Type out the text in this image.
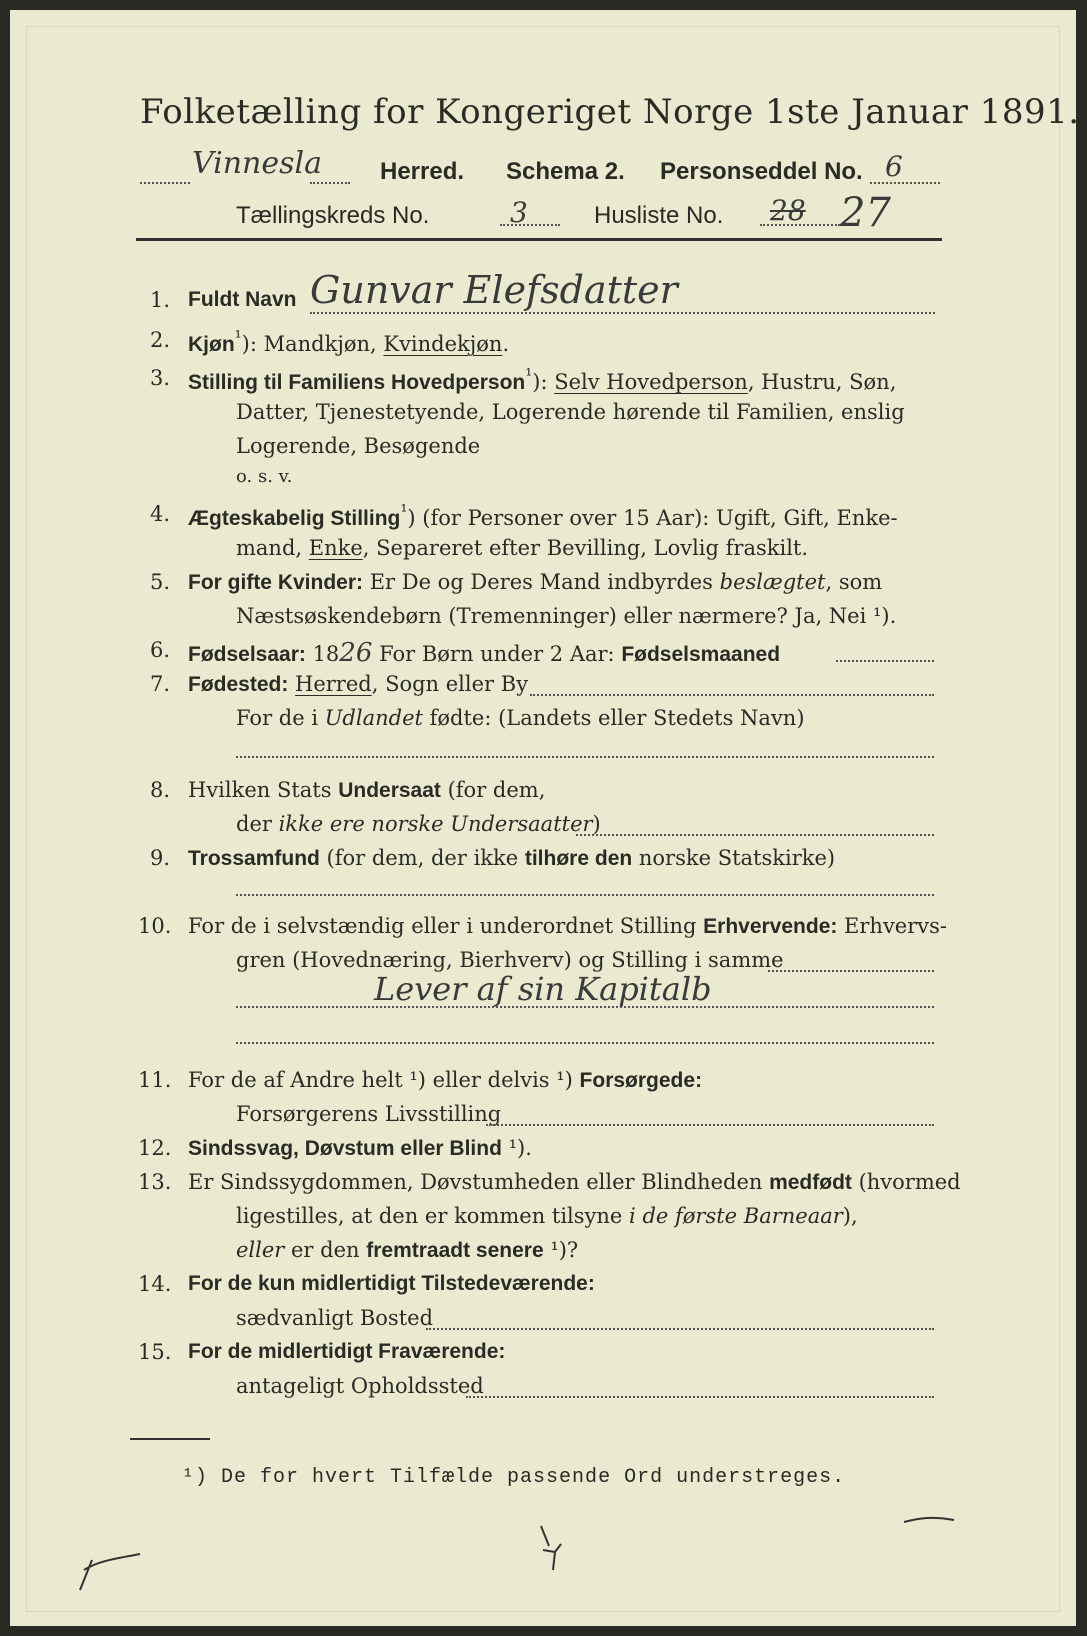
Folketælling for Kongeriget Norge 1ste Januar 1891.
Vinnesla Herred. Schema 2. Personseddel No. 6
Tællingskreds No.	3	Husliste No. 28 27
1. Fuldt Navn Gunvar Elefsdatter
2. Kjøn$^{^1}$): Mandkjøn, Kvindekjøn.
3. Stilling til Familiens Hovedperson$^{^1}$): Selv Hovedperson, Hustru, Søn,
Datter, Tjenestetyende, Logerende hørende til Familien, enslig
Logerende, Besøgende
o. s. v.
4. Ægteskabelig Stilling$^{^1}$) (for Personer over 15 Aar): Ugift, Gift, Enke-
mand, Enke, Separeret efter Bevilling, Lovlig fraskilt.
5. For gifte Kvinder: Er De og Deres Mand indbyrdes beslægtet, som
Næstsøskendebørn (Tremenninger) eller nærmere? Ja, Nei ¹).
6. Fødselsaar: 1826 For Børn under 2 Aar: Fødselsmaaned
7. Fødested: Herred, Sogn eller By
For de i Udlandet fødte: (Landets eller Stedets Navn)
8. Hvilken Stats Undersaat (for dem,
der ikke ere norske Undersaatter)
9. Trossamfund (for dem, der ikke tilhøre den norske Statskirke)
10. For de i selvstændig eller i underordnet Stilling Erhvervende: Erhvervs-
gren (Hovednæring, Bierhverv) og Stilling i samme
Lever af sin Kapitalb
11. For de af Andre helt ¹) eller delvis ¹) Forsørgede:
Forsørgerens Livsstilling
12. Sindssvag, Døvstum eller Blind ¹).
13. Er Sindssygdommen, Døvstumheden eller Blindheden medfødt (hvormed
ligestilles, at den er kommen tilsyne i de første Barneaar),
eller er den fremtraadt senere ¹)?
14. For de kun midlertidigt Tilstedeværende:
sædvanligt Bosted
15. For de midlertidigt Fraværende:
antageligt Opholdssted
¹) De for hvert Tilfælde passende Ord understreges.
